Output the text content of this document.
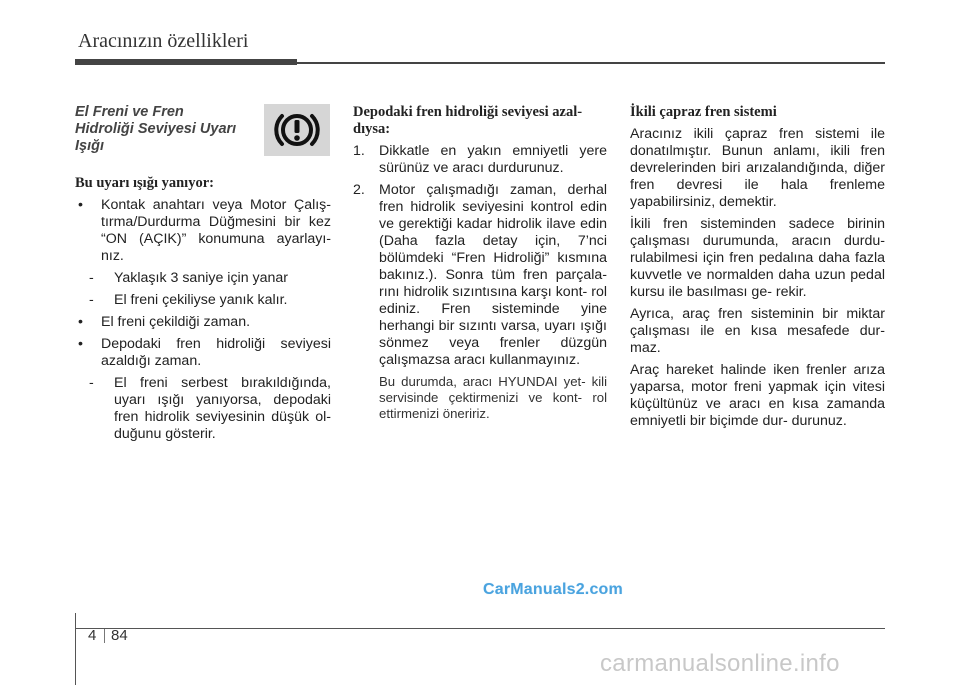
Aracınızın özellikleri
El Freni ve Fren
Hidroliği Seviyesi Uyarı
Işığı
Bu uyarı ışığı yanıyor:
• Kontak anahtarı veya Motor Çalış- tırma/Durdurma Düğmesini bir kez “ON (AÇIK)” konumuna ayarlayı- nız.
- Yaklaşık 3 saniye için yanar
- El freni çekiliyse yanık kalır.
• El freni çekildiği zaman.
• Depodaki fren hidroliği seviyesi azaldığı zaman.
- El freni serbest bırakıldığında, uyarı ışığı yanıyorsa, depodaki fren hidrolik seviyesinin düşük ol- duğunu gösterir.
Depodaki fren hidroliği seviyesi azal- dıysa:
1. Dikkatle en yakın emniyetli yere sürünüz ve aracı durdurunuz.
2. Motor çalışmadığı zaman, derhal fren hidrolik seviyesini kontrol edin ve gerektiği kadar hidrolik ilave edin (Daha fazla detay için, 7’nci bölümdeki “Fren Hidroliği” kısmına bakınız.). Sonra tüm fren parçala- rını hidrolik sızıntısına karşı kont- rol ediniz. Fren sisteminde yine herhangi bir sızıntı varsa, uyarı ışığı sönmez veya frenler düzgün çalışmazsa aracı kullanmayınız.
Bu durumda, aracı HYUNDAI yet- kili servisinde çektirmenizi ve kont- rol ettirmenizi öneririz.
İkili çapraz fren sistemi

Aracınız ikili çapraz fren sistemi ile donatılmıştır. Bunun anlamı, ikili fren devrelerinden biri arızalandığında, diğer fren devresi ile hala frenleme yapabilirsiniz, demektir.

İkili fren sisteminden sadece birinin çalışması durumunda, aracın durdu- rulabilmesi için fren pedalına daha fazla kuvvetle ve normalden daha uzun pedal kursu ile basılması ge- rekir.

Ayrıca, araç fren sisteminin bir miktar çalışması ile en kısa mesafede dur- maz.

Araç hareket halinde iken frenler arıza yaparsa, motor freni yapmak için vitesi küçültünüz ve aracı en kısa zamanda emniyetli bir biçimde dur- durunuz.

CarManuals2.com
4 84
carmanualsonline.info
